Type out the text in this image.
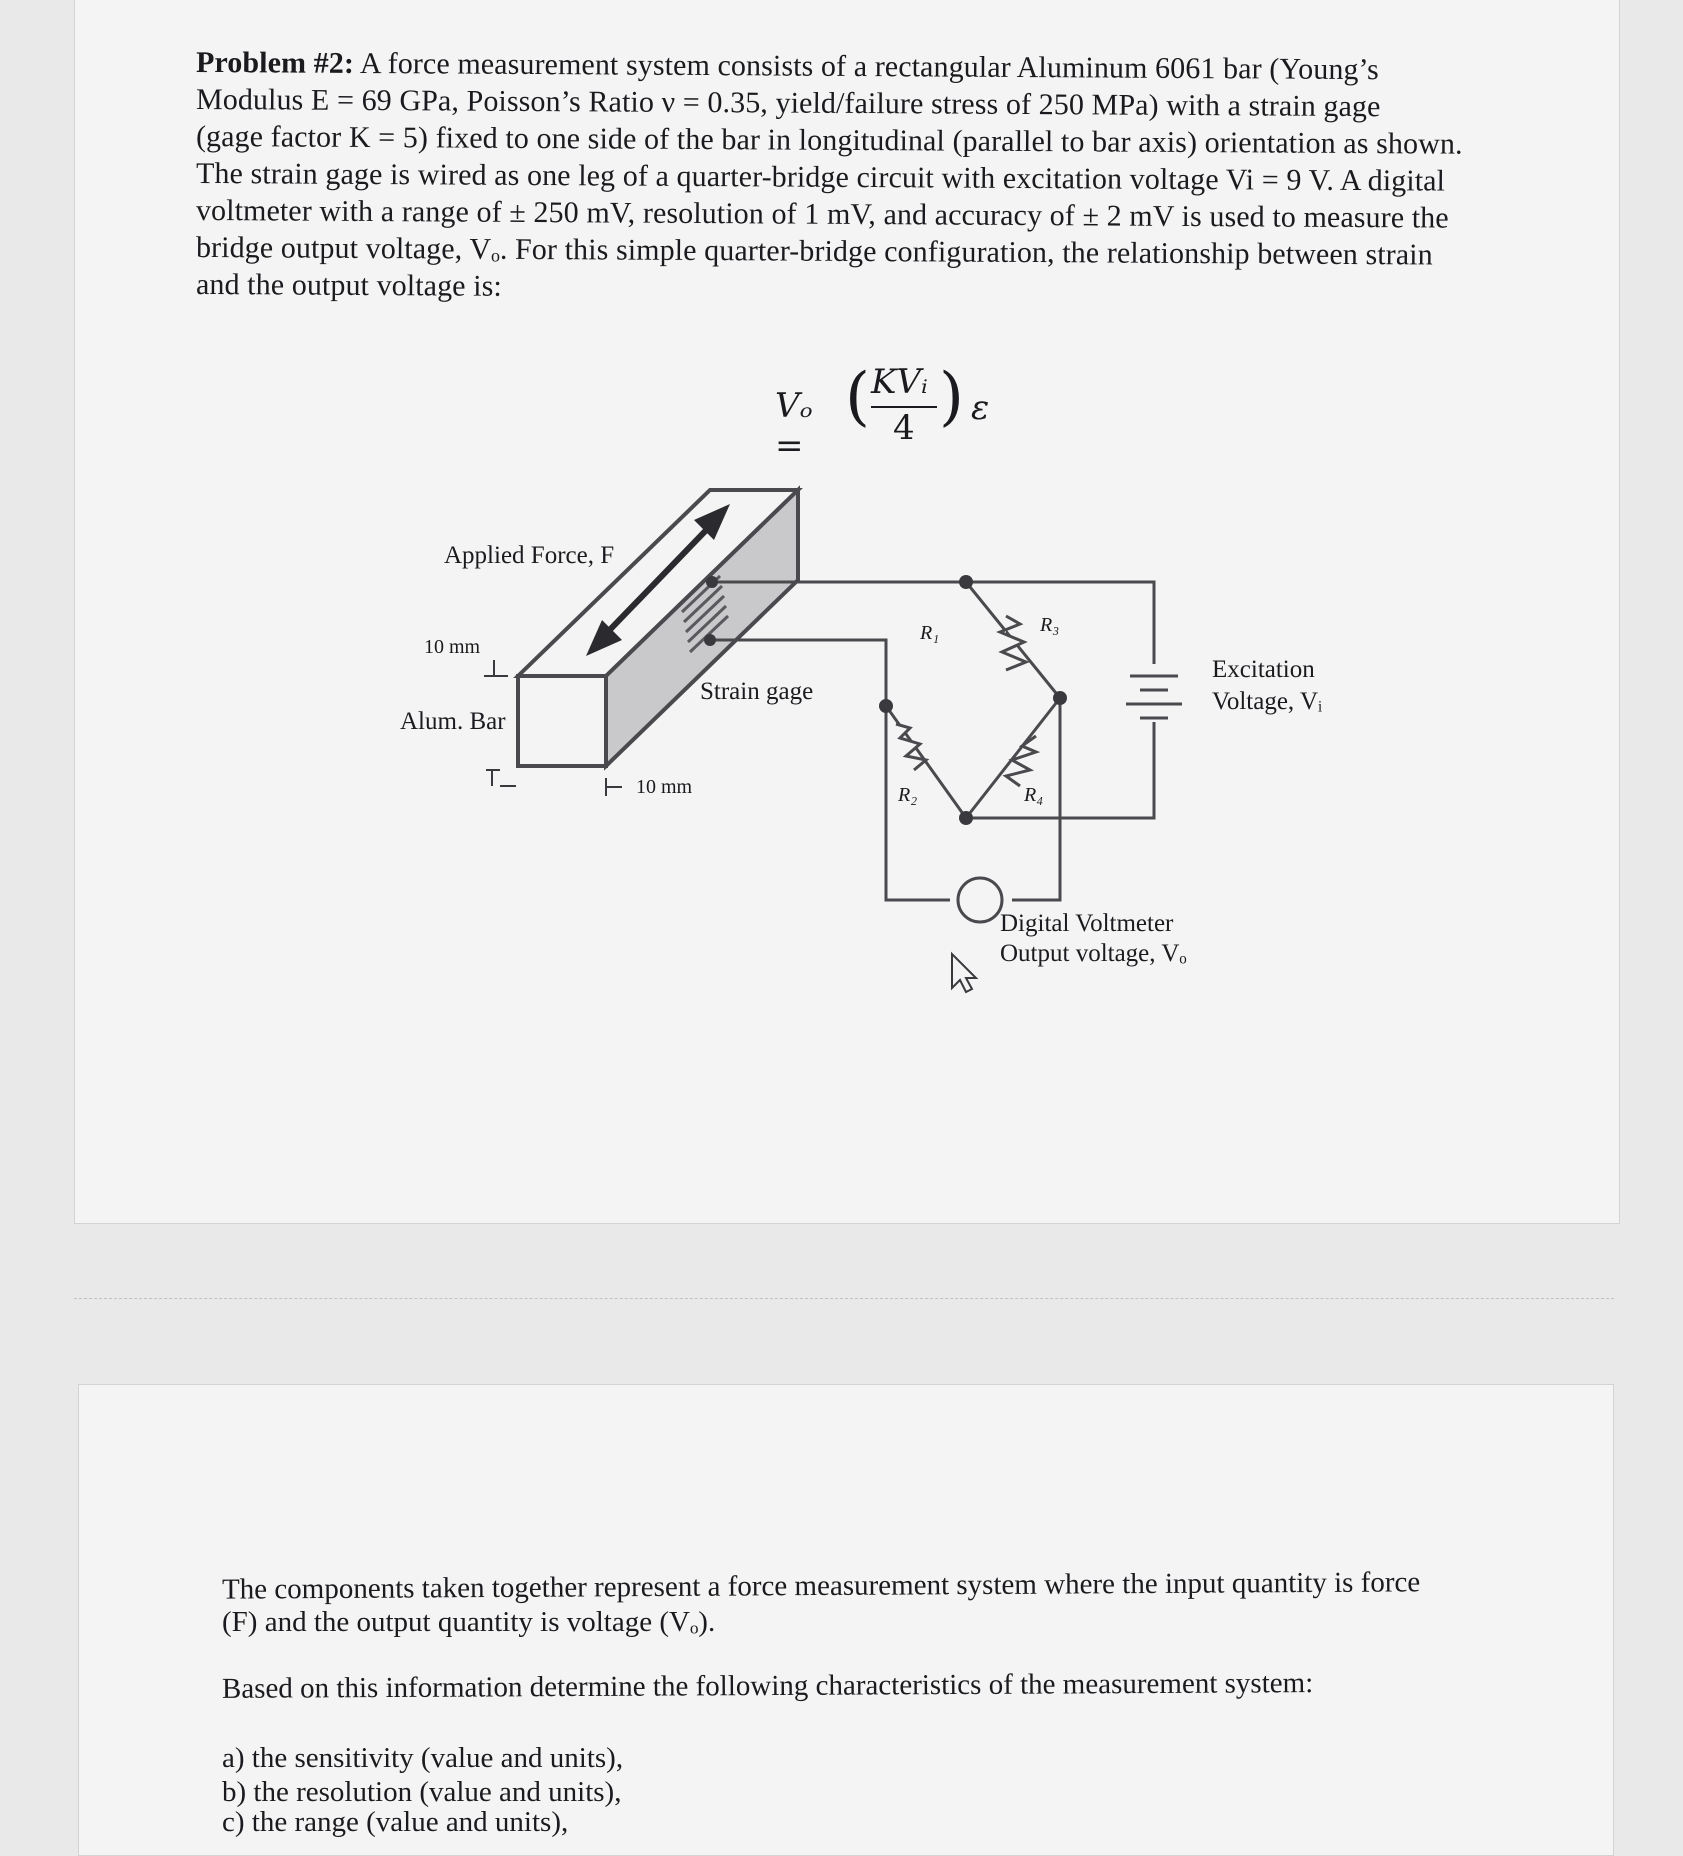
Problem #2: A force measurement system consists of a rectangular Aluminum 6061 bar (Young’s
Modulus E = 69 GPa, Poisson’s Ratio ν = 0.35, yield/failure stress of 250 MPa) with a strain gage
(gage factor K = 5) fixed to one side of the bar in longitudinal (parallel to bar axis) orientation as shown.
The strain gage is wired as one leg of a quarter-bridge circuit with excitation voltage Vi = 9 V. A digital
voltmeter with a range of ± 250 mV, resolution of 1 mV, and accuracy of ± 2 mV is used to measure the
bridge output voltage, Vₒ. For this simple quarter-bridge configuration, the relationship between strain
and the output voltage is:
Vₒ =
( KVᵢ
4 ) ε
Applied Force, F
10 mm
Alum. Bar
10 mm
Strain gage
R₁	R₃
R₂	R₄
Excitation
Voltage, Vᵢ
Digital Voltmeter
Output voltage, Vₒ
The components taken together represent a force measurement system where the input quantity is force
(F) and the output quantity is voltage (Vₒ).
Based on this information determine the following characteristics of the measurement system:
a) the sensitivity (value and units),
b) the resolution (value and units),
c) the range (value and units),
